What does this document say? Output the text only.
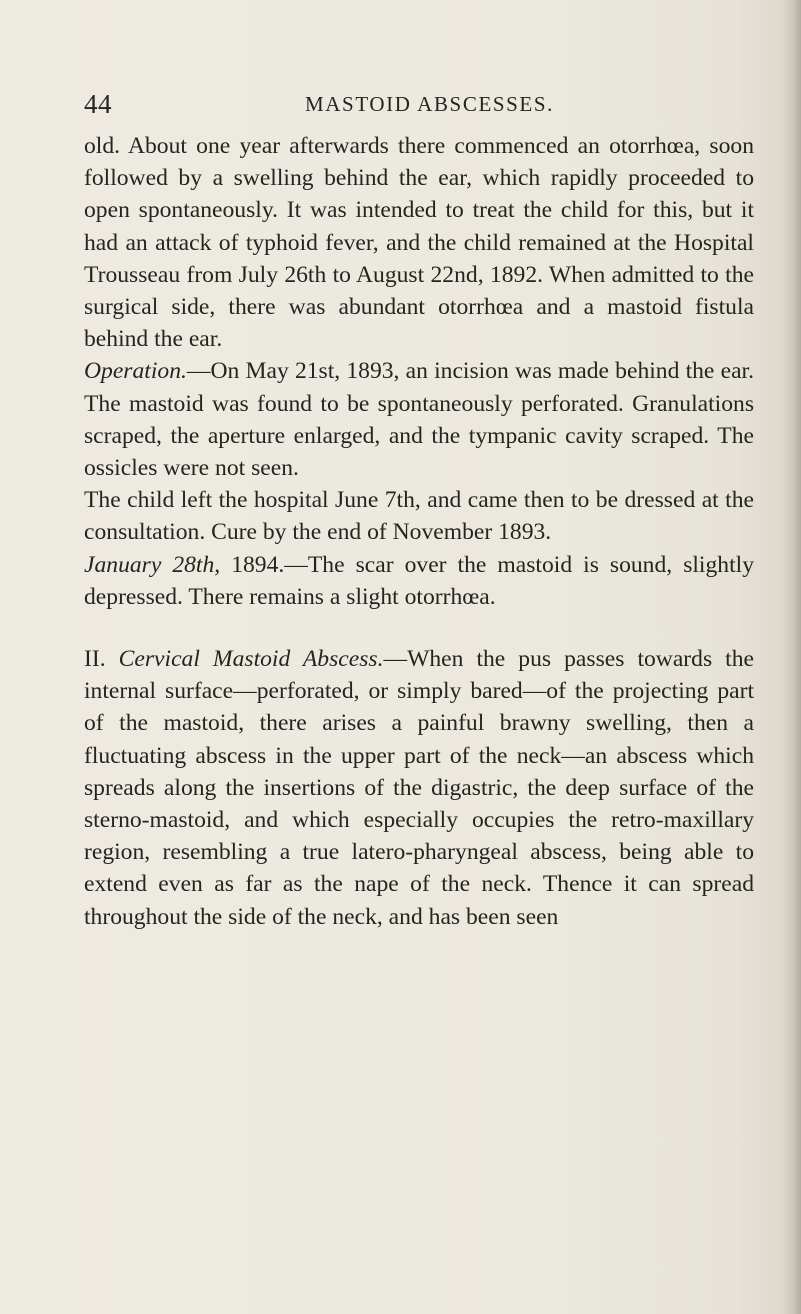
44	MASTOID ABSCESSES.

old. About one year afterwards there commenced an otorrhœa, soon followed by a swelling behind the ear, which rapidly proceeded to open spontaneously. It was intended to treat the child for this, but it had an attack of typhoid fever, and the child remained at the Hospital Trousseau from July 26th to August 22nd, 1892. When admitted to the surgical side, there was abundant otorrhœa and a mastoid fistula behind the ear.

Operation.—On May 21st, 1893, an incision was made behind the ear. The mastoid was found to be spontaneously perforated. Granulations scraped, the aperture enlarged, and the tympanic cavity scraped. The ossicles were not seen.

The child left the hospital June 7th, and came then to be dressed at the consultation. Cure by the end of November 1893.

January 28th, 1894.—The scar over the mastoid is sound, slightly depressed. There remains a slight otorrhœa.

II. Cervical Mastoid Abscess.—When the pus passes towards the internal surface—perforated, or simply bared—of the projecting part of the mastoid, there arises a painful brawny swelling, then a fluctuating abscess in the upper part of the neck—an abscess which spreads along the insertions of the digastric, the deep surface of the sterno-mastoid, and which especially occupies the retro-maxillary region, resembling a true latero-pharyngeal abscess, being able to extend even as far as the nape of the neck. Thence it can spread throughout the side of the neck, and has been seen
